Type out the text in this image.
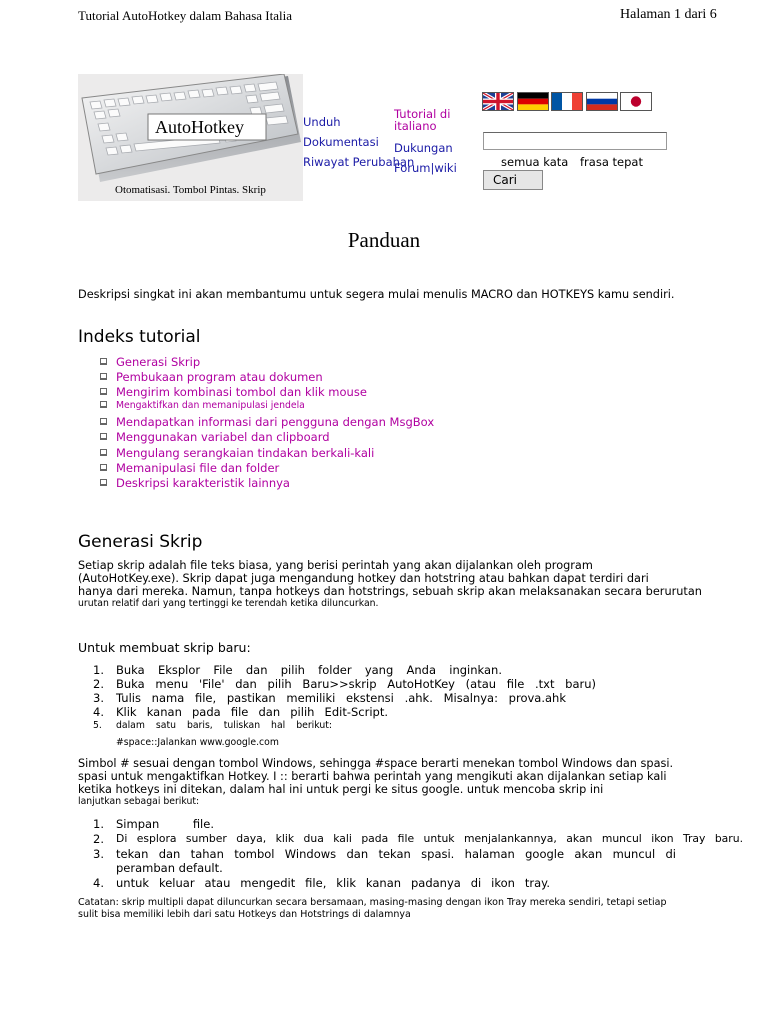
Tutorial AutoHotkey dalam Bahasa Italia	Halaman 1 dari 6
AutoHotkey
Otomatisasi. Tombol Pintas. Skrip
Unduh
Dokumentasi
Riwayat Perubahan
Tutorial di
italiano
Dukungan
Forum|wiki	semua kata frasa tepat
Cari
Panduan
Deskripsi singkat ini akan membantumu untuk segera mulai menulis MACRO dan HOTKEYS kamu sendiri.
Indeks tutorial
Generasi Skrip
Pembukaan program atau dokumen
Mengirim kombinasi tombol dan klik mouse
Mengaktifkan dan memanipulasi jendela
Mendapatkan informasi dari pengguna dengan MsgBox
Menggunakan variabel dan clipboard
Mengulang serangkaian tindakan berkali-kali
Memanipulasi file dan folder
Deskripsi karakteristik lainnya
Generasi Skrip
Setiap skrip adalah file teks biasa, yang berisi perintah yang akan dijalankan oleh program
(AutoHotKey.exe). Skrip dapat juga mengandung hotkey dan hotstring atau bahkan dapat terdiri dari
hanya dari mereka. Namun, tanpa hotkeys dan hotstrings, sebuah skrip akan melaksanakan secara berurutan
urutan relatif dari yang tertinggi ke terendah ketika diluncurkan.
Untuk membuat skrip baru:
1.	Buka Eksplor File dan pilih folder yang Anda inginkan.
2.	Buka menu 'File' dan pilih Baru>>skrip AutoHotKey (atau file .txt baru)
3.	Tulis nama file, pastikan memiliki ekstensi .ahk. Misalnya: prova.ahk
4.	Klik kanan pada file dan pilih Edit-Script.
5.	dalam satu baris, tuliskan hal berikut:
#space::Jalankan www.google.com
Simbol # sesuai dengan tombol Windows, sehingga #space berarti menekan tombol Windows dan spasi.
spasi untuk mengaktifkan Hotkey. I :: berarti bahwa perintah yang mengikuti akan dijalankan setiap kali
ketika hotkeys ini ditekan, dalam hal ini untuk pergi ke situs google. untuk mencoba skrip ini
lanjutkan sebagai berikut:
1.	Simpan file.
2.	Di esplora sumber daya, klik dua kali pada file untuk menjalankannya, akan muncul ikon Tray baru.
3.	tekan dan tahan tombol Windows dan tekan spasi. halaman google akan muncul di
peramban default.
4.	untuk keluar atau mengedit file, klik kanan padanya di ikon tray.
Catatan: skrip multipli dapat diluncurkan secara bersamaan, masing-masing dengan ikon Tray mereka sendiri, tetapi setiap
sulit bisa memiliki lebih dari satu Hotkeys dan Hotstrings di dalamnya
